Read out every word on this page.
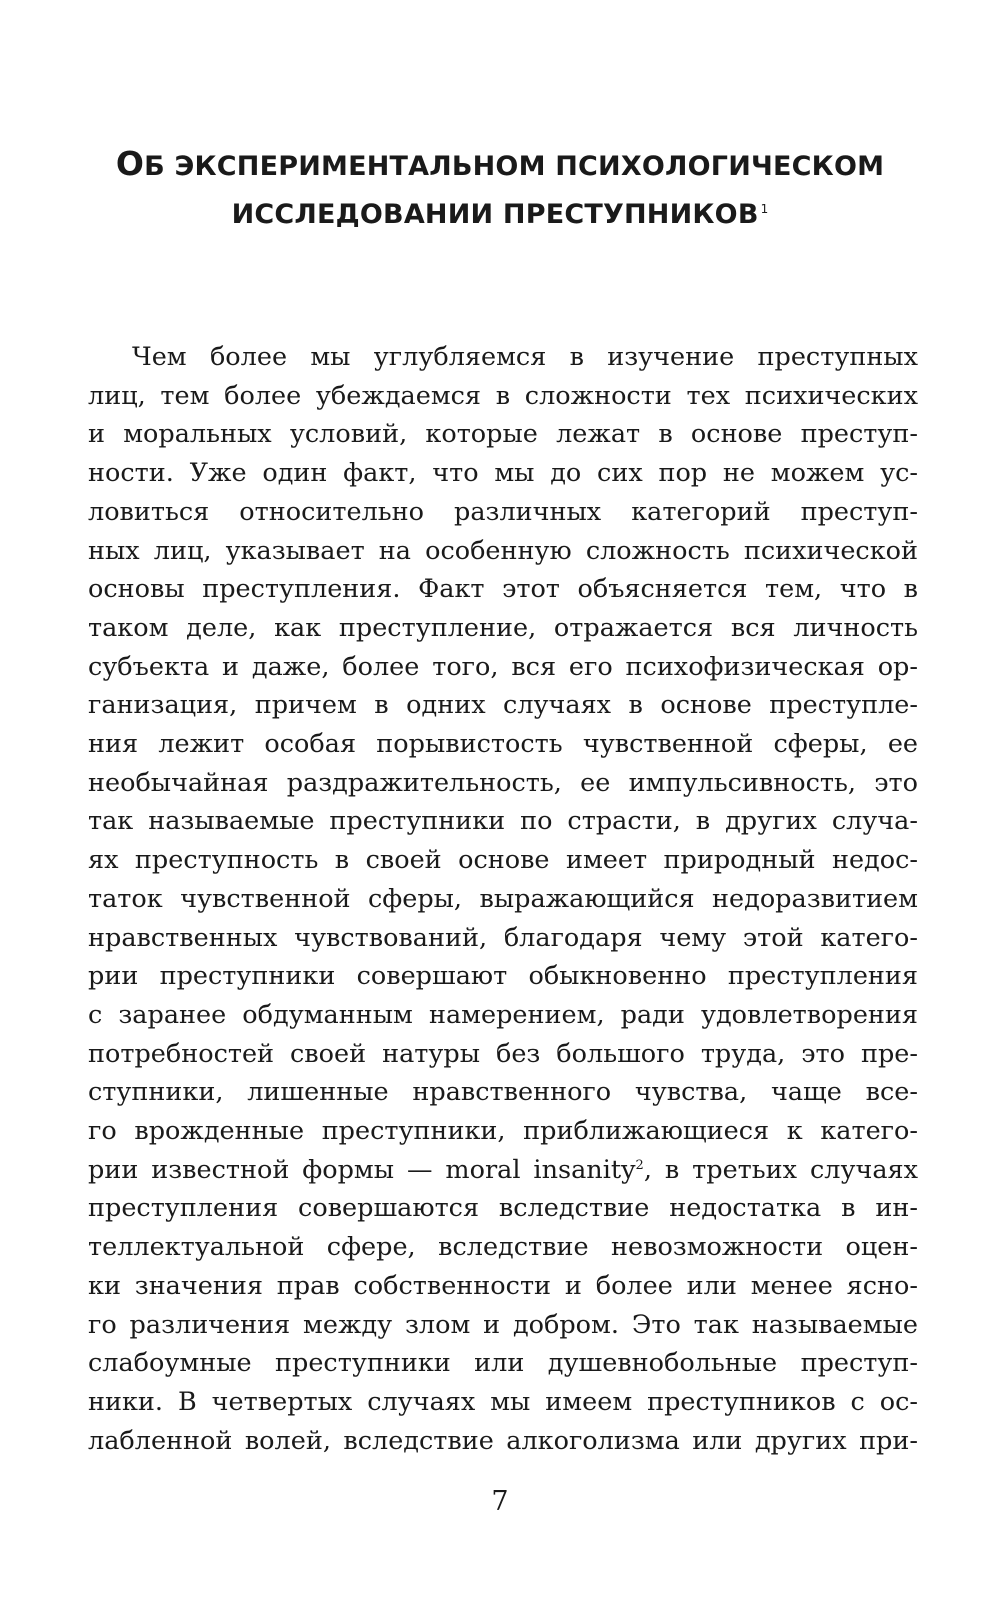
ОБ ЭКСПЕРИМЕНТАЛЬНОМ ПСИХОЛОГИЧЕСКОМ
ИССЛЕДОВАНИИ ПРЕСТУПНИКОВ $^1$
Чем более мы углубляемся в изучение преступных
лиц, тем более убеждаемся в сложности тех психических
и моральных условий, которые лежат в основе преступ-
ности. Уже один факт, что мы до сих пор не можем ус-
ловиться относительно различных категорий преступ-
ных лиц, указывает на особенную сложность психической
основы преступления. Факт этот объясняется тем, что в
таком деле, как преступление, отражается вся личность
субъекта и даже, более того, вся его психофизическая ор-
ганизация, причем в одних случаях в основе преступле-
ния лежит особая порывистость чувственной сферы, ее
необычайная раздражительность, ее импульсивность, это
так называемые преступники по страсти, в других случа-
ях преступность в своей основе имеет природный недос-
таток чувственной сферы, выражающийся недоразвитием
нравственных чувствований, благодаря чему этой катего-
рии преступники совершают обыкновенно преступления
с заранее обдуманным намерением, ради удовлетворения
потребностей своей натуры без большого труда, это пре-
ступники, лишенные нравственного чувства, чаще все-
го врожденные преступники, приближающиеся к катего-
рии известной формы — moral insanity$^2$, в третьих случаях
преступления совершаются вследствие недостатка в ин-
теллектуальной сфере, вследствие невозможности оцен-
ки значения прав собственности и более или менее ясно-
го различения между злом и добром. Это так называемые
слабоумные преступники или душевнобольные преступ-
ники. В четвертых случаях мы имеем преступников с ос-
лабленной волей, вследствие алкоголизма или других при-
7
